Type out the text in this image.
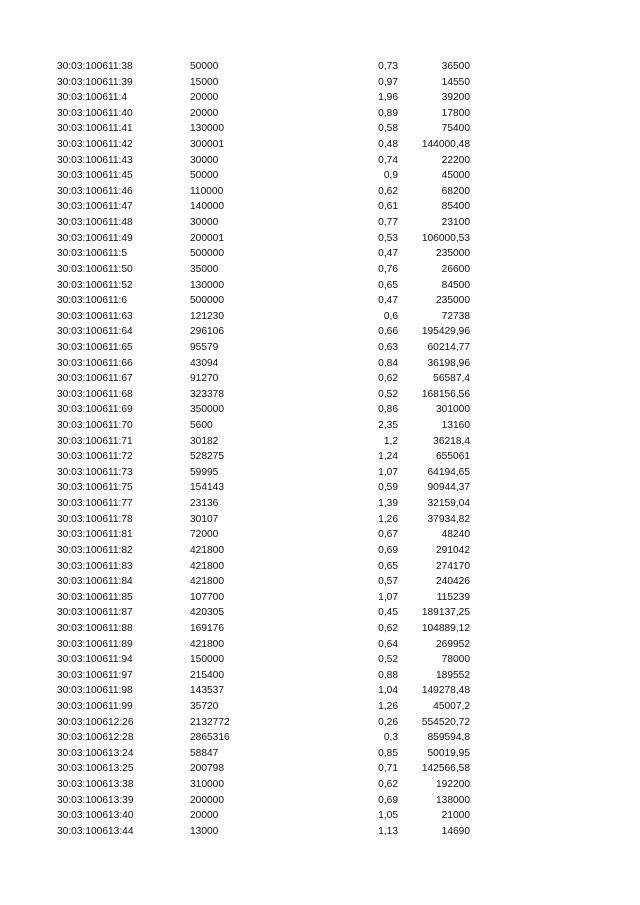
30:03:100611:38	50000	0,73	36500
30:03:100611:39	15000	0,97	14550
30:03:100611:4	20000	1,96	39200
30:03:100611:40	20000	0,89	17800
30:03:100611:41	130000	0,58	75400
30:03:100611:42	300001	0,48 144000,48
30:03:100611:43	30000	0,74	22200
30:03:100611:45	50000	0,9	45000
30:03:100611:46	110000	0,62	68200
30:03:100611:47	140000	0,61	85400
30:03:100611:48	30000	0,77	23100
30:03:100611:49	200001	0,53 106000,53
30:03:100611:5	500000	0,47	235000
30:03:100611:50	35000	0,76	26600
30:03:100611:52	130000	0,65	84500
30:03:100611:6	500000	0,47	235000
30:03:100611:63	121230	0,6	72738
30:03:100611:64	296106	0,66 195429,96
30:03:100611:65	95579	0,63	60214,77
30:03:100611:66	43094	0,84	36198,96
30:03:100611:67	91270	0,62	56587,4
30:03:100611:68	323378	0,52 168156,56
30:03:100611:69	350000	0,86	301000
30:03:100611:70	5600	2,35	13160
30:03:100611:71	30182	1,2	36218,4
30:03:100611:72	528275	1,24	655061
30:03:100611:73	59995	1,07	64194,65
30:03:100611:75	154143	0,59	90944,37
30:03:100611:77	23136	1,39	32159,04
30:03:100611:78	30107	1,26	37934,82
30:03:100611:81	72000	0,67	48240
30:03:100611:82	421800	0,69	291042
30:03:100611:83	421800	0,65	274170
30:03:100611:84	421800	0,57	240426
30:03:100611:85	107700	1,07	115239
30:03:100611:87	420305	0,45 189137,25
30:03:100611:88	169176	0,62 104889,12
30:03:100611:89	421800	0,64	269952
30:03:100611:94	150000	0,52	78000
30:03:100611:97	215400	0,88	189552
30:03:100611:98	143537	1,04 149278,48
30:03:100611:99	35720	1,26	45007,2
30:03:100612:26	2132772	0,26 554520,72
30:03:100612:28	2865316	0,3	859594,8
30:03:100613:24	58847	0,85	50019,95
30:03:100613:25	200798	0,71 142566,58
30:03:100613:38	310000	0,62	192200
30:03:100613:39	200000	0,69	138000
30:03:100613:40	20000	1,05	21000
30:03:100613:44	13000	1,13	14690
